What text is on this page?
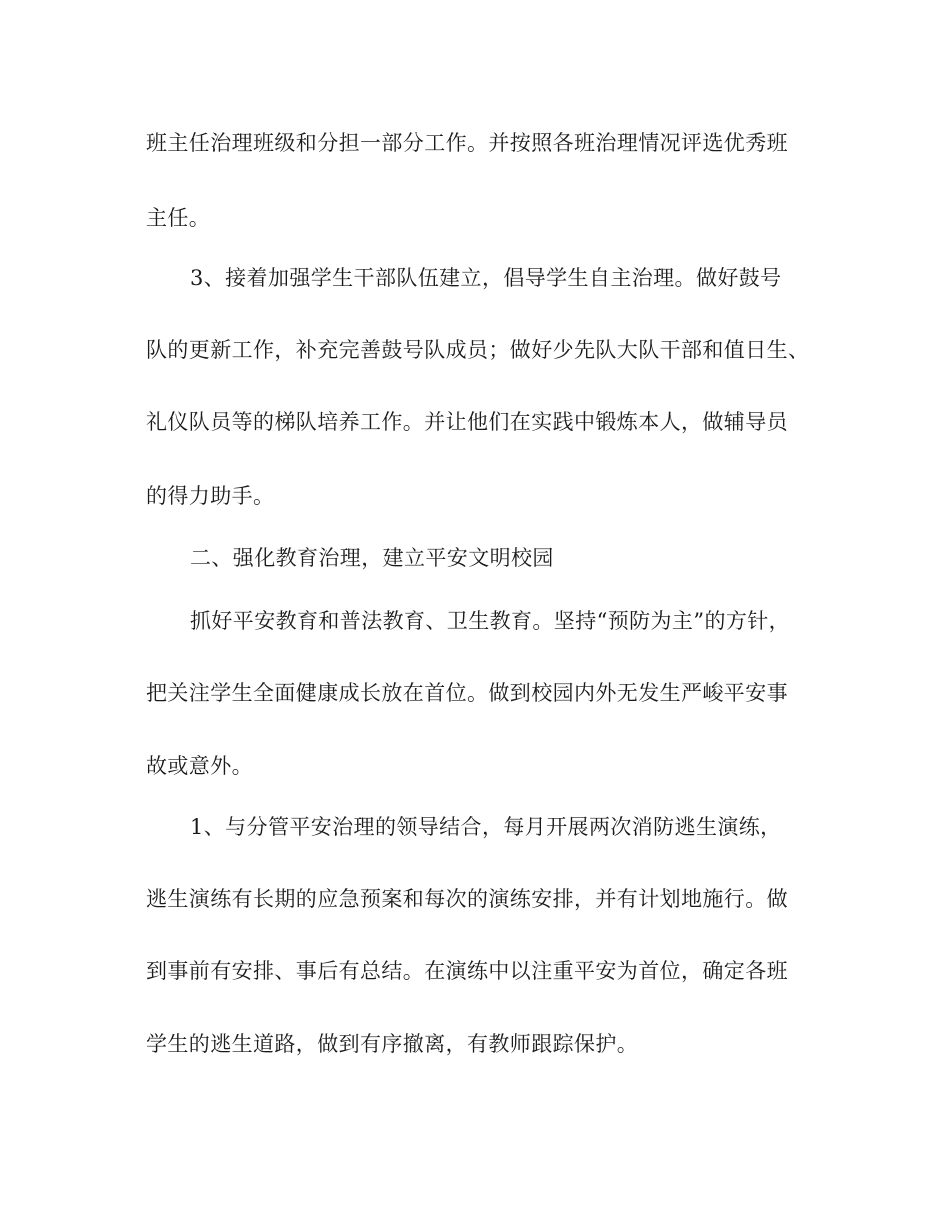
班主任治理班级和分担一部分工作。并按照各班治理情况评选优秀班
主任。
3、接着加强学生干部队伍建立，倡导学生自主治理。做好鼓号
队的更新工作，补充完善鼓号队成员；做好少先队大队干部和值日生、
礼仪队员等的梯队培养工作。并让他们在实践中锻炼本人，做辅导员
的得力助手。
二、强化教育治理，建立平安文明校园
抓好平安教育和普法教育、卫生教育。坚持“预防为主”的方针，
把关注学生全面健康成长放在首位。做到校园内外无发生严峻平安事
故或意外。
1、与分管平安治理的领导结合，每月开展两次消防逃生演练，
逃生演练有长期的应急预案和每次的演练安排，并有计划地施行。做
到事前有安排、事后有总结。在演练中以注重平安为首位，确定各班
学生的逃生道路，做到有序撤离，有教师跟踪保护。
